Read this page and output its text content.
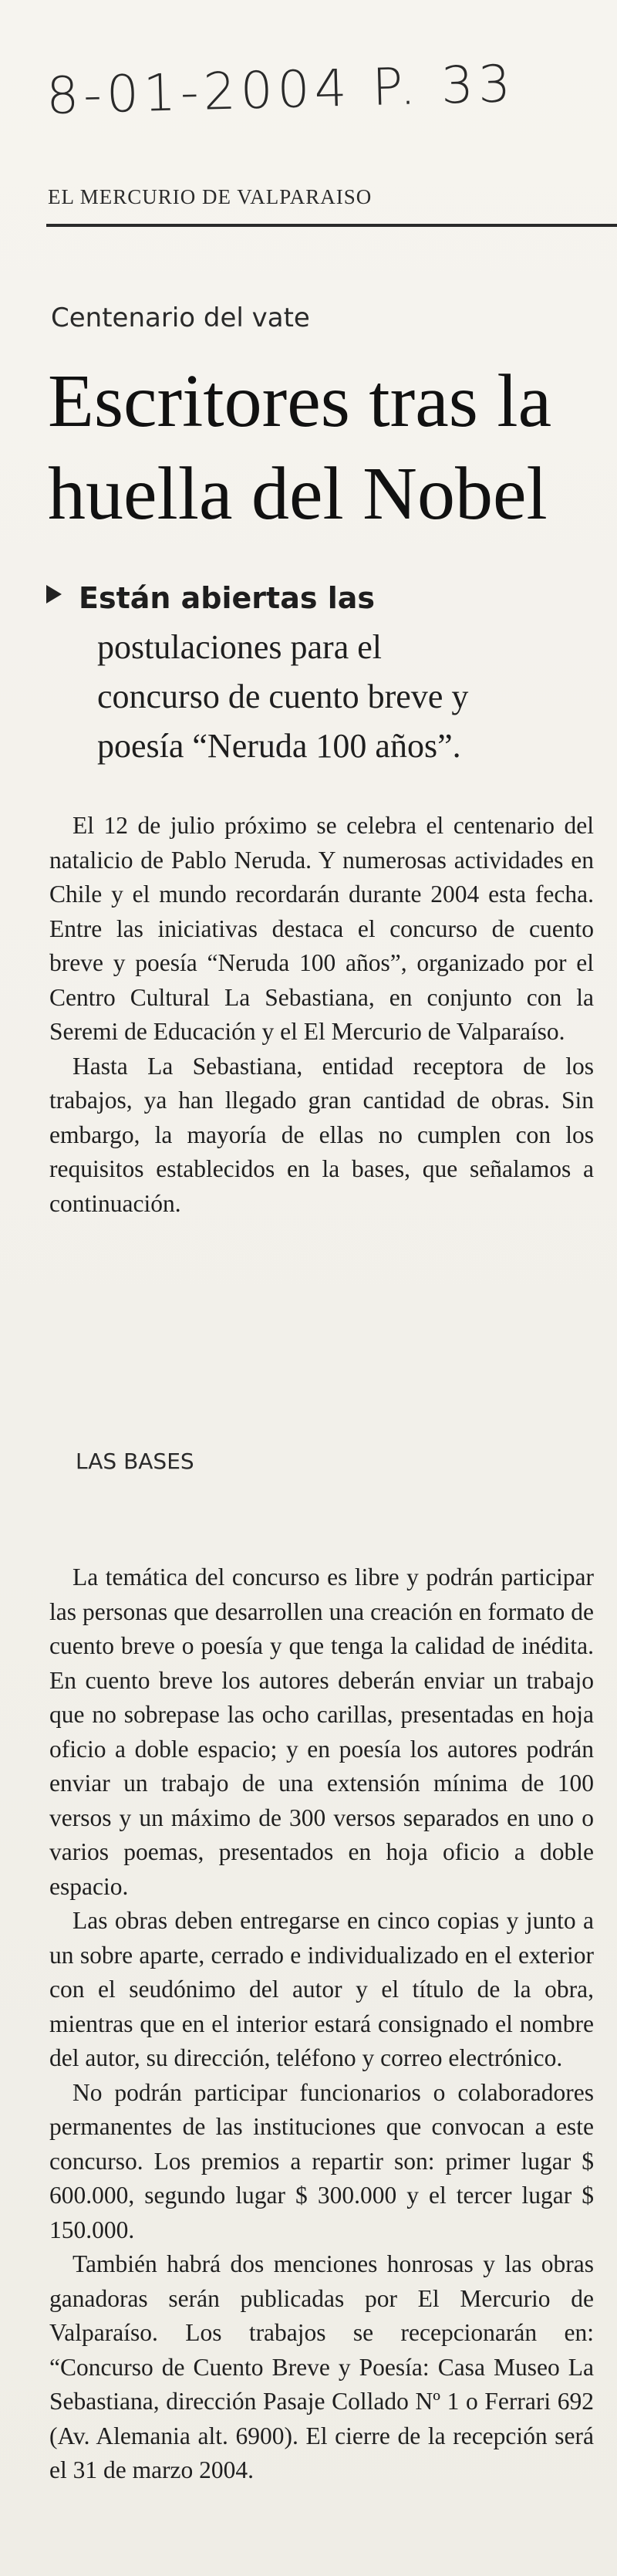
8-01-2004 P. 33
EL MERCURIO DE VALPARAISO
Centenario del vate
Escritores tras la
huella del Nobel
Están abiertas las
postulaciones para el
concurso de cuento breve y
poesía “Neruda 100 años”.

El 12 de julio próximo se celebra el centenario del natalicio de Pablo Neruda. Y numerosas actividades en Chile y el mundo recordarán durante 2004 esta fecha. Entre las iniciativas destaca el concurso de cuento breve y poesía “Neruda 100 años”, organizado por el Centro Cultural La Sebastiana, en conjunto con la Seremi de Educación y el El Mercurio de Valparaíso.

Hasta La Sebastiana, entidad receptora de los trabajos, ya han llegado gran cantidad de obras. Sin embargo, la mayoría de ellas no cumplen con los requisitos establecidos en la bases, que señalamos a continuación.

LAS BASES

La temática del concurso es libre y podrán participar las personas que desarrollen una creación en formato de cuento breve o poesía y que tenga la calidad de inédita. En cuento breve los autores deberán enviar un trabajo que no sobrepase las ocho carillas, presentadas en hoja oficio a doble espacio; y en poesía los autores podrán enviar un trabajo de una extensión mínima de 100 versos y un máximo de 300 versos separados en uno o varios poemas, presentados en hoja oficio a doble espacio.

Las obras deben entregarse en cinco copias y junto a un sobre aparte, cerrado e individualizado en el exterior con el seudónimo del autor y el título de la obra, mientras que en el interior estará consignado el nombre del autor, su dirección, teléfono y correo electrónico.

No podrán participar funcionarios o colaboradores permanentes de las instituciones que convocan a este concurso. Los premios a repartir son: primer lugar $ 600.000, segundo lugar $ 300.000 y el tercer lugar $ 150.000.

También habrá dos menciones honrosas y las obras ganadoras serán publicadas por El Mercurio de Valparaíso. Los trabajos se recepcionarán en: “Concurso de Cuento Breve y Poesía: Casa Museo La Sebastiana, dirección Pasaje Collado Nº 1 o Ferrari 692 (Av. Alemania alt. 6900). El cierre de la recepción será el 31 de marzo 2004.
